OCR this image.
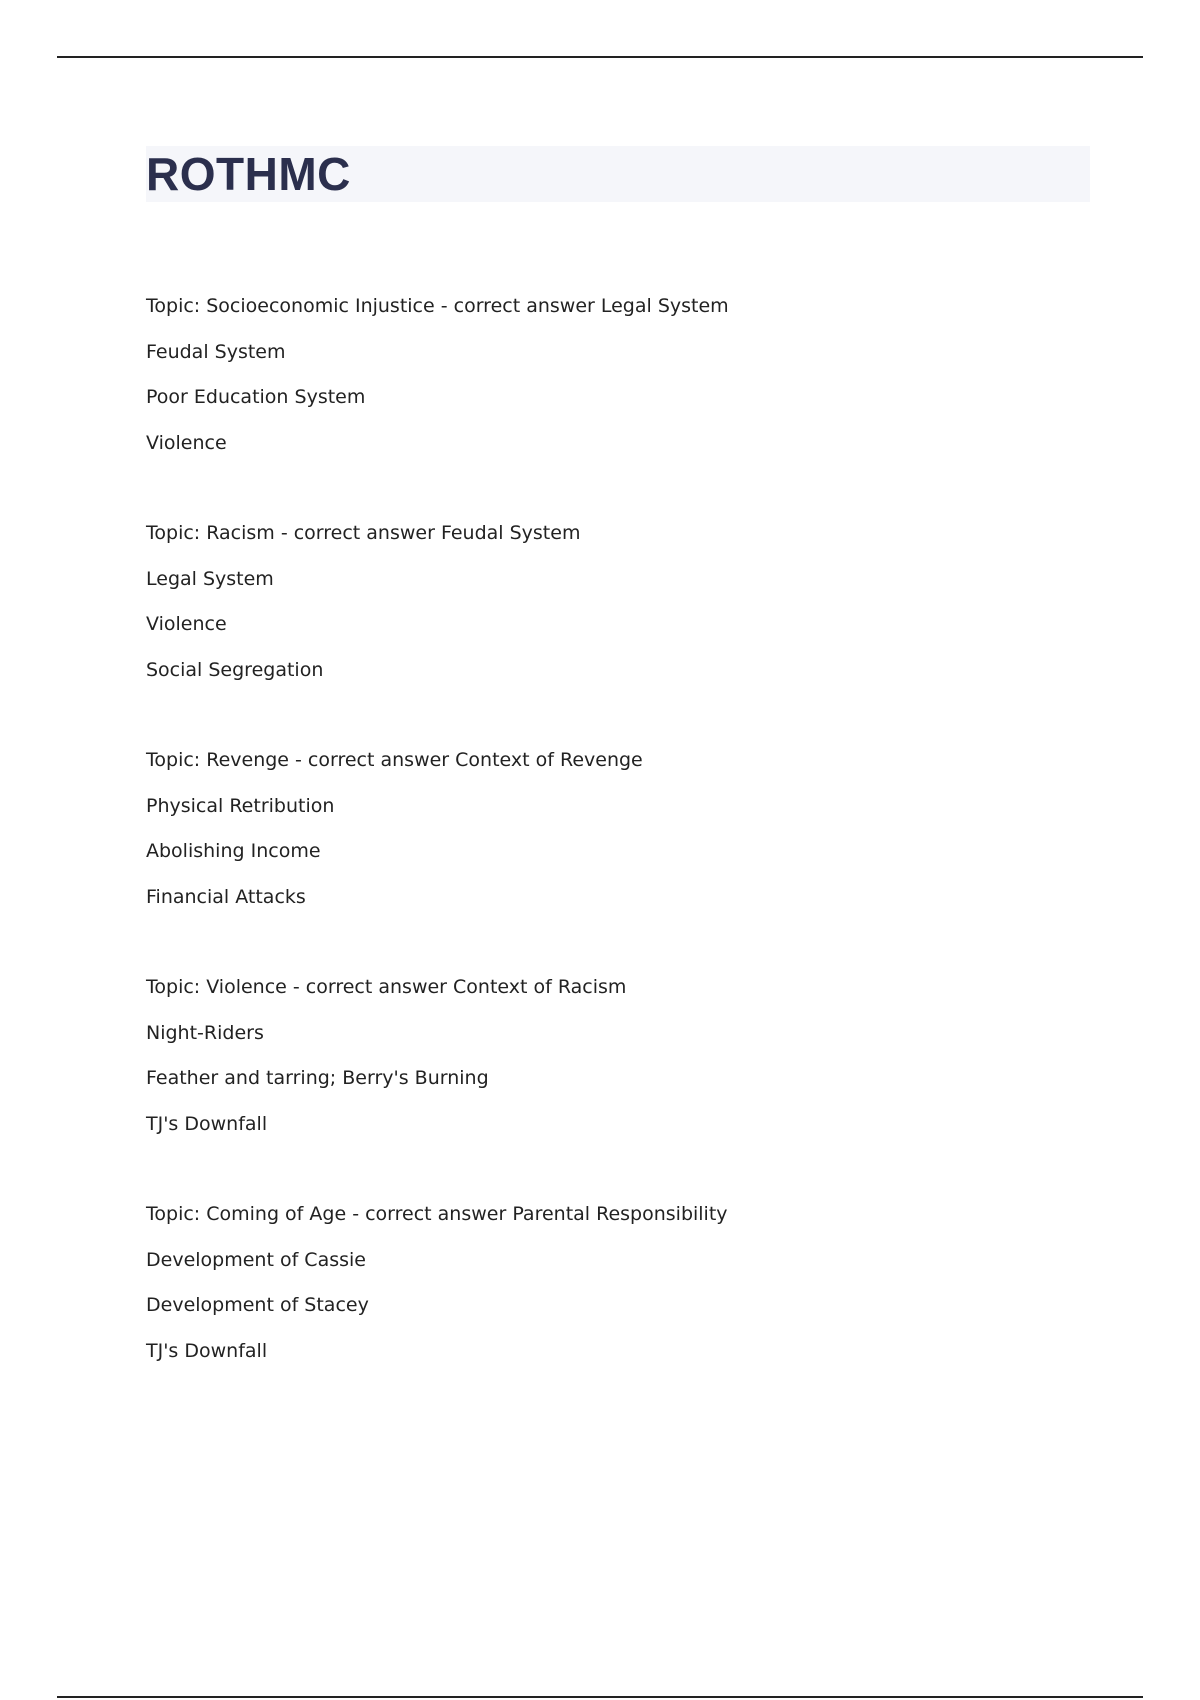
ROTHMC
Topic: Socioeconomic Injustice - correct answer Legal System
Feudal System
Poor Education System
Violence
Topic: Racism - correct answer Feudal System
Legal System
Violence
Social Segregation
Topic: Revenge - correct answer Context of Revenge
Physical Retribution
Abolishing Income
Financial Attacks
Topic: Violence - correct answer Context of Racism
Night-Riders
Feather and tarring; Berry's Burning
TJ's Downfall
Topic: Coming of Age - correct answer Parental Responsibility
Development of Cassie
Development of Stacey
TJ's Downfall
